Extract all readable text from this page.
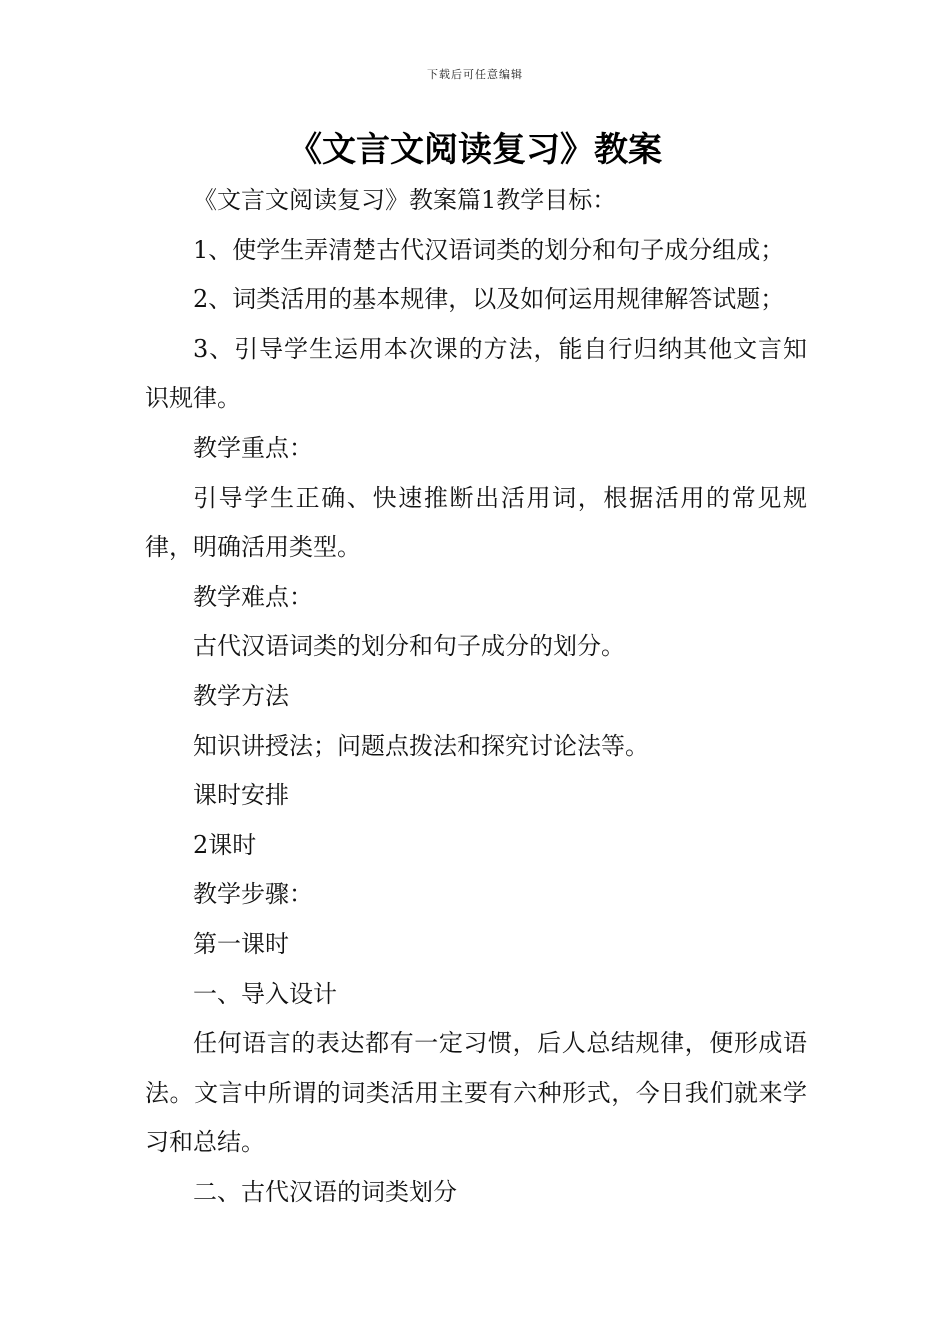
下载后可任意编辑
《文言文阅读复习》教案

《文言文阅读复习》教案篇1教学目标：

1、使学生弄清楚古代汉语词类的划分和句子成分组成；

2、词类活用的基本规律，以及如何运用规律解答试题；

3、引导学生运用本次课的方法，能自行归纳其他文言知识规律。

教学重点：

引导学生正确、快速推断出活用词，根据活用的常见规律，明确活用类型。

教学难点：

古代汉语词类的划分和句子成分的划分。

教学方法

知识讲授法；问题点拨法和探究讨论法等。

课时安排

2课时

教学步骤：

第一课时

一、导入设计

任何语言的表达都有一定习惯，后人总结规律，便形成语法。文言中所谓的词类活用主要有六种形式，今日我们就来学习和总结。

二、古代汉语的词类划分
